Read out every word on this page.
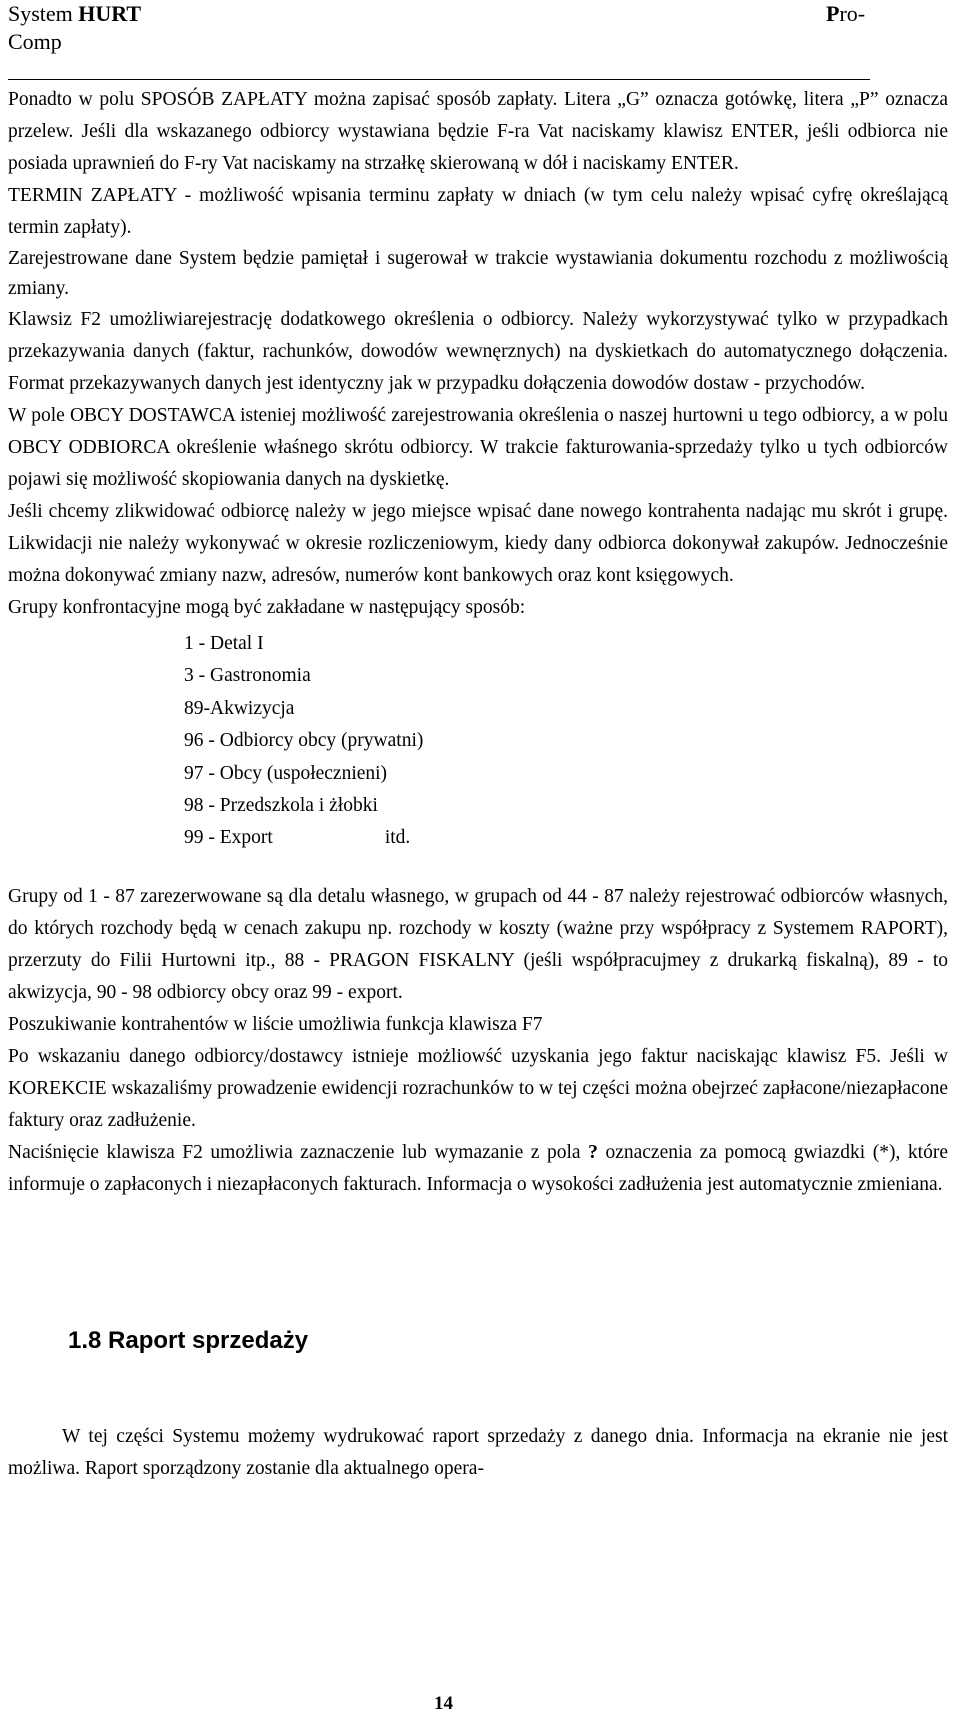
System HURT
Comp
Pro-

Ponadto w polu SPOSÓB ZAPŁATY można zapisać sposób zapłaty. Litera „G” oznacza gotówkę, litera „P” oznacza przelew. Jeśli dla wskazanego odbiorcy wystawiana będzie F-ra Vat naciskamy klawisz ENTER, jeśli odbiorca nie posiada uprawnień do F-ry Vat naciskamy na strzałkę skierowaną w dół i naciskamy ENTER.

TERMIN ZAPŁATY - możliwość wpisania terminu zapłaty w dniach (w tym celu należy wpisać cyfrę określającą termin zapłaty).

Zarejestrowane dane System będzie pamiętał i sugerował w trakcie wystawiania dokumentu rozchodu z możliwością zmiany.

Klawsiz F2 umożliwiarejestrację dodatkowego określenia o odbiorcy. Należy wykorzystywać tylko w przypadkach przekazywania danych (faktur, rachunków, dowodów wewnęrznych) na dyskietkach do automatycznego dołączenia. Format przekazywanych danych jest identyczny jak w przypadku dołączenia dowodów dostaw - przychodów.

W pole OBCY DOSTAWCA isteniej możliwość zarejestrowania określenia o naszej hurtowni u tego odbiorcy, a w polu OBCY ODBIORCA określenie właśnego skrótu odbiorcy. W trakcie fakturowania-sprzedaży tylko u tych odbiorców pojawi się możliwość skopiowania danych na dyskietkę.

Jeśli chcemy zlikwidować odbiorcę należy w jego miejsce wpisać dane nowego kontrahenta nadając mu skrót i grupę. Likwidacji nie należy wykonywać w okresie rozliczeniowym, kiedy dany odbiorca dokonywał zakupów. Jednocześnie można dokonywać zmiany nazw, adresów, numerów kont bankowych oraz kont księgowych.

Grupy konfrontacyjne mogą być zakładane w następujący sposób:

1 - Detal I
3 - Gastronomia
89-Akwizycja
96 - Odbiorcy obcy (prywatni)
97 - Obcy (uspołecznieni)
98 - Przedszkola i żłobki
99 - Export	itd.

Grupy od 1 - 87 zarezerwowane są dla detalu własnego, w grupach od 44 - 87 należy rejestrować odbiorców własnych, do których rozchody będą w cenach zakupu np. rozchody w koszty (ważne przy współpracy z Systemem RAPORT), przerzuty do Filii Hurtowni itp., 88 - PRAGON FISKALNY (jeśli współpracujmey z drukarką fiskalną), 89 - to akwizycja, 90 - 98 odbiorcy obcy oraz 99 - export.

Poszukiwanie kontrahentów w liście umożliwia funkcja klawisza F7

Po wskazaniu danego odbiorcy/dostawcy istnieje możliowść uzyskania jego faktur naciskając klawisz F5. Jeśli w KOREKCIE wskazaliśmy prowadzenie ewidencji rozrachunków to w tej części można obejrzeć zapłacone/niezapłacone faktury oraz zadłużenie.

Naciśnięcie klawisza F2 umożliwia zaznaczenie lub wymazanie z pola ? oznaczenia za pomocą gwiazdki (*), które informuje o zapłaconych i niezapłaconych fakturach. Informacja o wysokości zadłużenia jest automatycznie zmieniana.

1.8 Raport sprzedaży

W tej części Systemu możemy wydrukować raport sprzedaży z danego dnia. Informacja na ekranie nie jest możliwa. Raport sporządzony zostanie dla aktualnego opera-

14
